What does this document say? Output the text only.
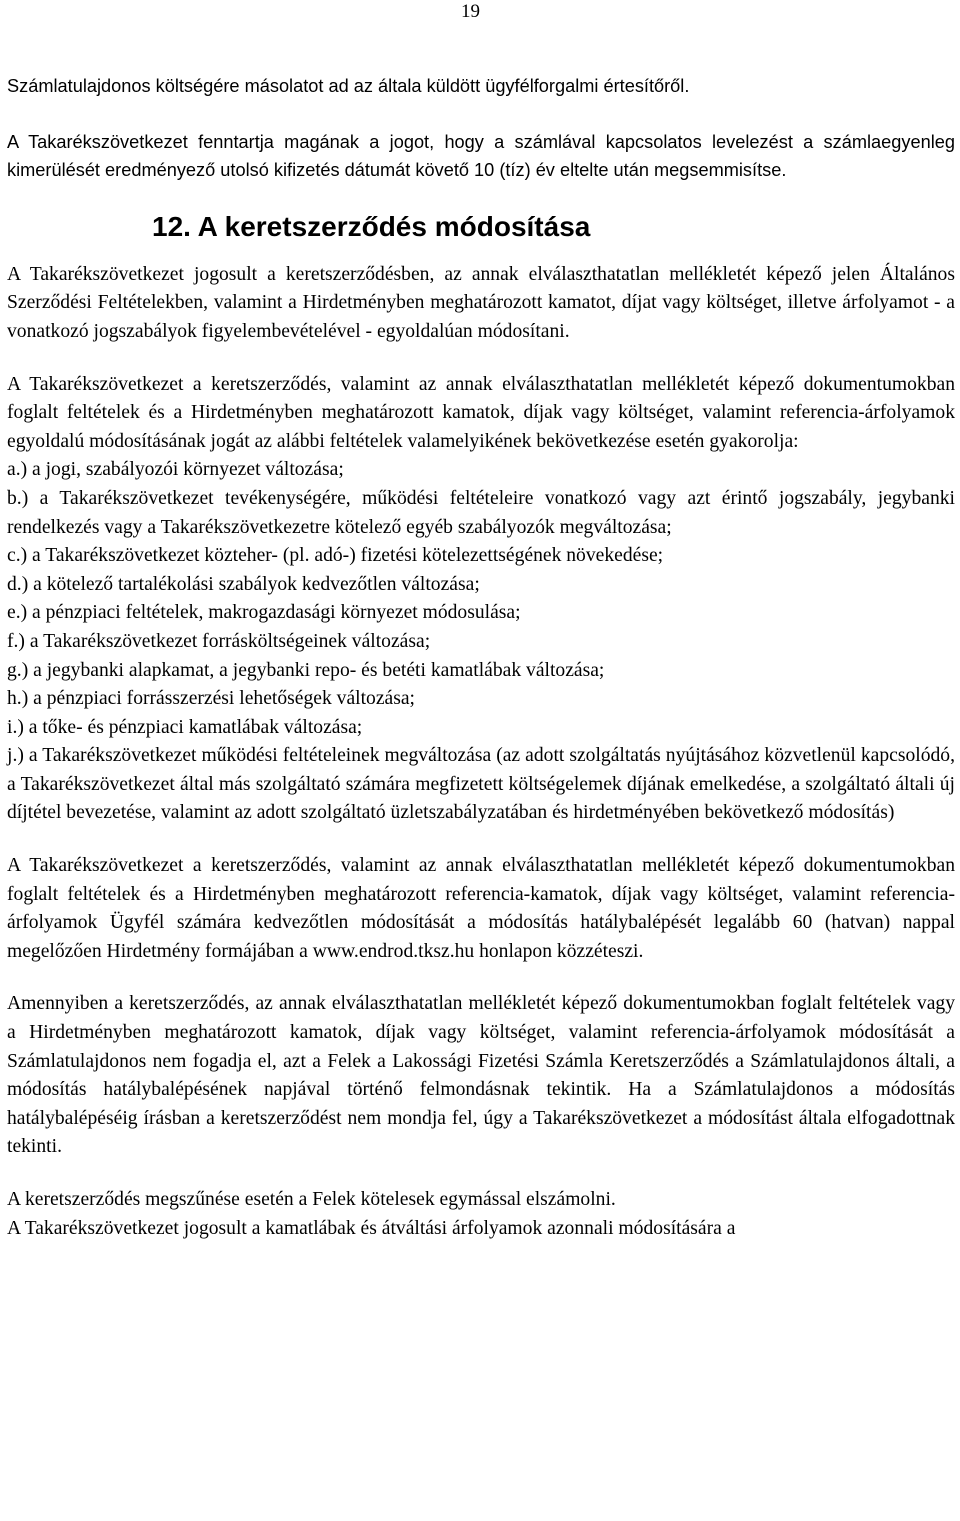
19

Számlatulajdonos költségére másolatot ad az általa küldött ügyfélforgalmi értesítőről.

A Takarékszövetkezet fenntartja magának a jogot, hogy a számlával kapcsolatos levelezést a számlaegyenleg kimerülését eredményező utolsó kifizetés dátumát követő 10 (tíz) év eltelte után megsemmisítse.

12. A keretszerződés módosítása

A Takarékszövetkezet jogosult a keretszerződésben, az annak elválaszthatatlan mellékletét képező jelen Általános Szerződési Feltételekben, valamint a Hirdetményben meghatározott kamatot, díjat vagy költséget, illetve árfolyamot - a vonatkozó jogszabályok figyelembevételével - egyoldalúan módosítani.

A Takarékszövetkezet a keretszerződés, valamint az annak elválaszthatatlan mellékletét képező dokumentumokban foglalt feltételek és a Hirdetményben meghatározott kamatok, díjak vagy költséget, valamint referencia-árfolyamok egyoldalú módosításának jogát az alábbi feltételek valamelyikének bekövetkezése esetén gyakorolja:

a.) a jogi, szabályozói környezet változása;

b.) a Takarékszövetkezet tevékenységére, működési feltételeire vonatkozó vagy azt érintő jogszabály, jegybanki rendelkezés vagy a Takarékszövetkezetre kötelező egyéb szabályozók megváltozása;

c.) a Takarékszövetkezet közteher- (pl. adó-) fizetési kötelezettségének növekedése;

d.) a kötelező tartalékolási szabályok kedvezőtlen változása;

e.) a pénzpiaci feltételek, makrogazdasági környezet módosulása;

f.) a Takarékszövetkezet forrásköltségeinek változása;

g.) a jegybanki alapkamat, a jegybanki repo- és betéti kamatlábak változása;

h.) a pénzpiaci forrásszerzési lehetőségek változása;

i.) a tőke- és pénzpiaci kamatlábak változása;

j.) a Takarékszövetkezet működési feltételeinek megváltozása (az adott szolgáltatás nyújtásához közvetlenül kapcsolódó, a Takarékszövetkezet által más szolgáltató számára megfizetett költségelemek díjának emelkedése, a szolgáltató általi új díjtétel bevezetése, valamint az adott szolgáltató üzletszabályzatában és hirdetményében bekövetkező módosítás)

A Takarékszövetkezet a keretszerződés, valamint az annak elválaszthatatlan mellékletét képező dokumentumokban foglalt feltételek és a Hirdetményben meghatározott referencia-kamatok, díjak vagy költséget, valamint referencia-árfolyamok Ügyfél számára kedvezőtlen módosítását a módosítás hatálybalépését legalább 60 (hatvan) nappal megelőzően Hirdetmény formájában a www.endrod.tksz.hu honlapon közzéteszi.

Amennyiben a keretszerződés, az annak elválaszthatatlan mellékletét képező dokumentumokban foglalt feltételek vagy a Hirdetményben meghatározott kamatok, díjak vagy költséget, valamint referencia-árfolyamok módosítását a Számlatulajdonos nem fogadja el, azt a Felek a Lakossági Fizetési Számla Keretszerződés a Számlatulajdonos általi, a módosítás hatálybalépésének napjával történő felmondásnak tekintik. Ha a Számlatulajdonos a módosítás hatálybalépéséig írásban a keretszerződést nem mondja fel, úgy a Takarékszövetkezet a módosítást általa elfogadottnak tekinti.

A keretszerződés megszűnése esetén a Felek kötelesek egymással elszámolni.

A Takarékszövetkezet jogosult a kamatlábak és átváltási árfolyamok azonnali módosítására a
